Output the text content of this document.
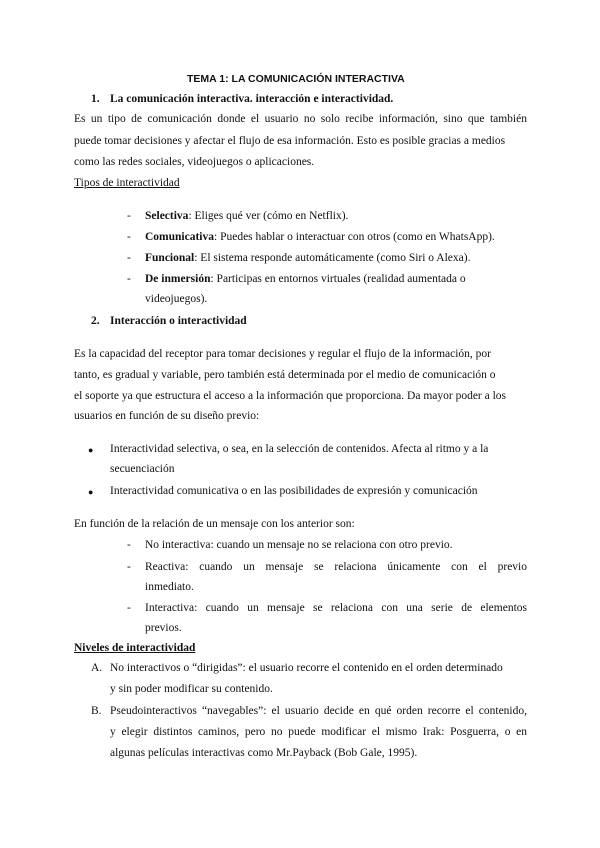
TEMA 1: LA COMUNICACIÓN INTERACTIVA
1. La comunicación interactiva. interacción e interactividad.
Es un tipo de comunicación donde el usuario no solo recibe información, sino que también
puede tomar decisiones y afectar el flujo de esa información. Esto es posible gracias a medios
como las redes sociales, videojuegos o aplicaciones.
Tipos de interactividad
- Selectiva: Eliges qué ver (cómo en Netflix).
- Comunicativa: Puedes hablar o interactuar con otros (como en WhatsApp).
- Funcional: El sistema responde automáticamente (como Siri o Alexa).
- De inmersión: Participas en entornos virtuales (realidad aumentada o
videojuegos).
2. Interacción o interactividad
Es la capacidad del receptor para tomar decisiones y regular el flujo de la información, por
tanto, es gradual y variable, pero también está determinada por el medio de comunicación o
el soporte ya que estructura el acceso a la información que proporciona. Da mayor poder a los
usuarios en función de su diseño previo:
● Interactividad selectiva, o sea, en la selección de contenidos. Afecta al ritmo y a la
secuenciación
● Interactividad comunicativa o en las posibilidades de expresión y comunicación
En función de la relación de un mensaje con los anterior son:
- No interactiva: cuando un mensaje no se relaciona con otro previo.
- Reactiva: cuando un mensaje se relaciona únicamente con el previo
inmediato.
- Interactiva: cuando un mensaje se relaciona con una serie de elementos
previos.
Niveles de interactividad
A. No interactivos o “dirigidas”: el usuario recorre el contenido en el orden determinado
y sin poder modificar su contenido.
B. Pseudointeractivos “navegables”: el usuario decide en qué orden recorre el contenido,
y elegir distintos caminos, pero no puede modificar el mismo Irak: Posguerra, o en
algunas películas interactivas como Mr.Payback (Bob Gale, 1995).
